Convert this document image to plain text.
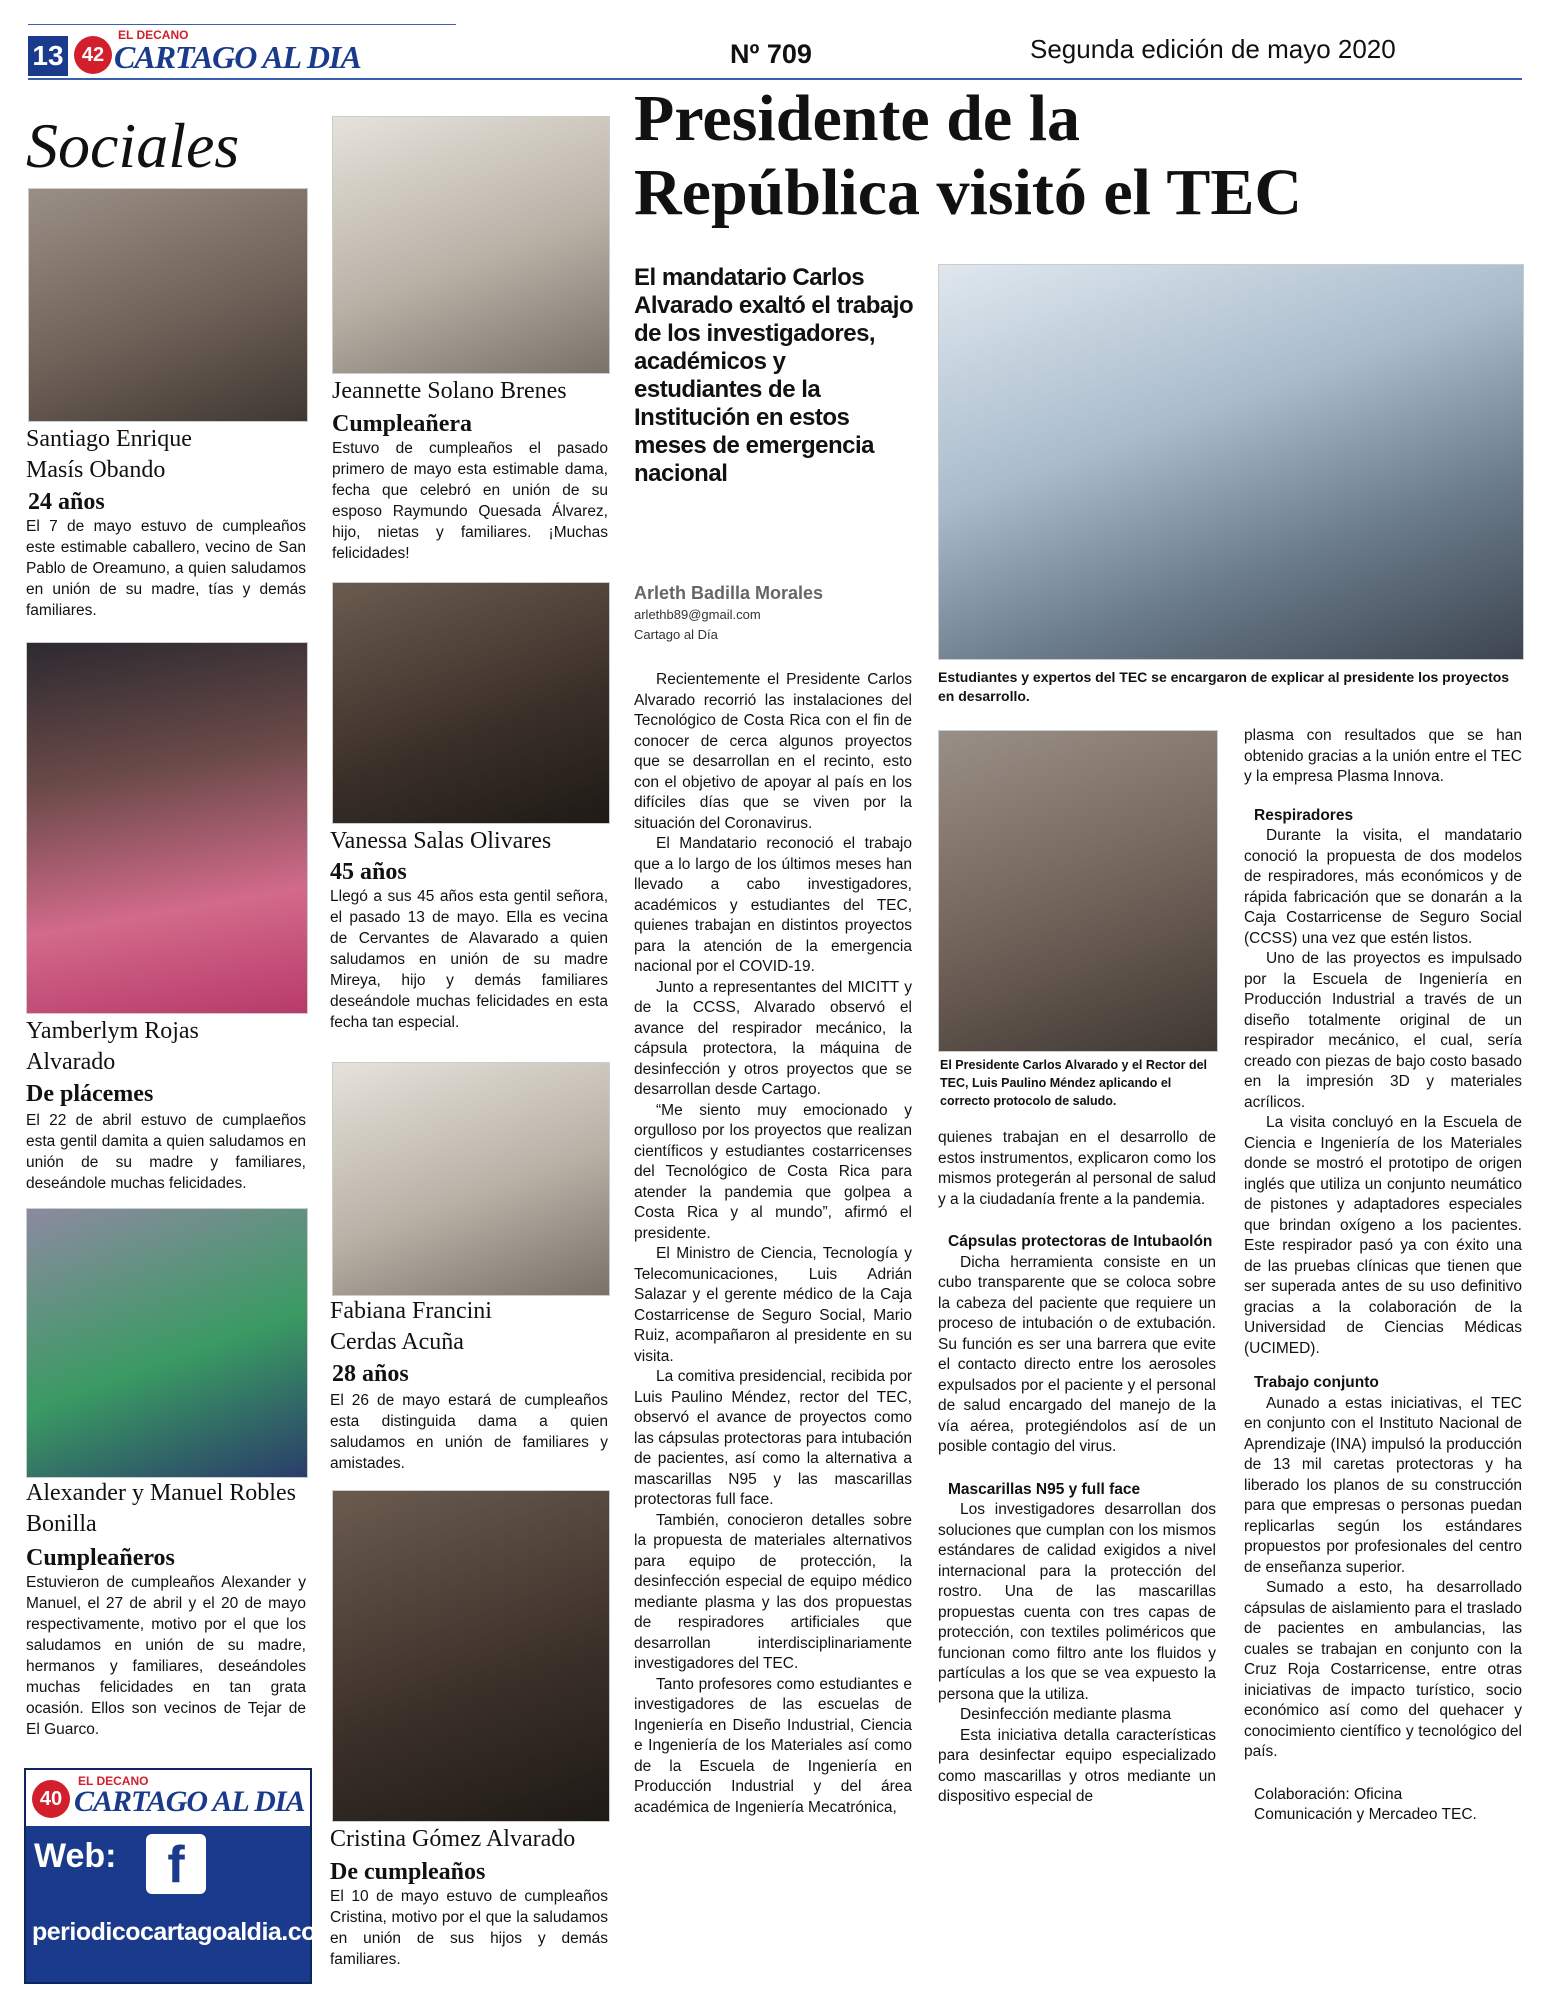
13 42
EL DECANO
CARTAGO AL DIA	Nº 709	Segunda edición de mayo 2020
Sociales
Santiago Enrique Masís Obando
24 años
El 7 de mayo estuvo de cumpleaños este estimable caballero, vecino de San Pablo de Oreamuno, a quien saludamos en unión de su madre, tías y demás familiares.
Yamberlym Rojas Alvarado
De plácemes
El 22 de abril estuvo de cumplaeños esta gentil damita a quien saludamos en unión de su madre y familiares, deseándole muchas felicidades.
Alexander y Manuel Robles Bonilla
Cumpleañeros
Estuvieron de cumpleaños Alexander y Manuel, el 27 de abril y el 20 de mayo respectivamente, motivo por el que los saludamos en unión de su madre, hermanos y familiares, deseándoles muchas felicidades en tan grata ocasión. Ellos son vecinos de Tejar de El Guarco.
40
EL DECANO
CARTAGO AL DIA
Web: f
periodicocartagoaldia.com
Jeannette Solano Brenes
Cumpleañera
Estuvo de cumpleaños el pasado primero de mayo esta estimable dama, fecha que celebró en unión de su esposo Raymundo Quesada Álvarez, hijo, nietas y familiares. ¡Muchas felicidades!
Vanessa Salas Olivares
45 años
Llegó a sus 45 años esta gentil señora, el pasado 13 de mayo. Ella es vecina de Cervantes de Alavarado a quien saludamos en unión de su madre Mireya, hijo y demás familiares deseándole muchas felicidades en esta fecha tan especial.
Fabiana Francini Cerdas Acuña
28 años
El 26 de mayo estará de cumpleaños esta distinguida dama a quien saludamos en unión de familiares y amistades.
Cristina Gómez Alvarado
De cumpleaños
El 10 de mayo estuvo de cumpleaños Cristina, motivo por el que la saludamos en unión de sus hijos y demás familiares.
Presidente de la
República visitó el TEC
El mandatario Carlos Alvarado exaltó el trabajo de los investigadores, académicos y estudiantes de la Institución en estos meses de emergencia nacional
Arleth Badilla Morales
arlethb89@gmail.com
Cartago al Día
Estudiantes y expertos del TEC se encargaron de explicar al presidente los proyectos en desarrollo.

Recientemente el Presidente Carlos Alvarado recorrió las instalaciones del Tecnológico de Costa Rica con el fin de conocer de cerca algunos proyectos que se desarrollan en el recinto, esto con el objetivo de apoyar al país en los difíciles días que se viven por la situación del Coronavirus.

El Mandatario reconoció el trabajo que a lo largo de los últimos meses han llevado a cabo investigadores, académicos y estudiantes del TEC, quienes trabajan en distintos proyectos para la atención de la emergencia nacional por el COVID-19.

Junto a representantes del MICITT y de la CCSS, Alvarado observó el avance del respirador mecánico, la cápsula protectora, la máquina de desinfección y otros proyectos que se desarrollan desde Cartago.

“Me siento muy emocionado y orgulloso por los proyectos que realizan científicos y estudiantes costarricenses del Tecnológico de Costa Rica para atender la pandemia que golpea a Costa Rica y al mundo”, afirmó el presidente.

El Ministro de Ciencia, Tecnología y Telecomunicaciones, Luis Adrián Salazar y el gerente médico de la Caja Costarricense de Seguro Social, Mario Ruiz, acompañaron al presidente en su visita.

La comitiva presidencial, recibida por Luis Paulino Méndez, rector del TEC, observó el avance de proyectos como las cápsulas protectoras para intubación de pacientes, así como la alternativa a mascarillas N95 y las mascarillas protectoras full face.

También, conocieron detalles sobre la propuesta de materiales alternativos para equipo de protección, la desinfección especial de equipo médico mediante plasma y las dos propuestas de respiradores artificiales que desarrollan interdisciplinariamente investigadores del TEC.

Tanto profesores como estudiantes e investigadores de las escuelas de Ingeniería en Diseño Industrial, Ciencia e Ingeniería de los Materiales así como de la Escuela de Ingeniería en Producción Industrial y del área académica de Ingeniería Mecatrónica,

El Presidente Carlos Alvarado y el Rector del TEC, Luis Paulino Méndez aplicando el correcto protocolo de saludo.

quienes trabajan en el desarrollo de estos instrumentos, explicaron como los mismos protegerán al personal de salud y a la ciudadanía frente a la pandemia.

Cápsulas protectoras de Intubaolón

Dicha herramienta consiste en un cubo transparente que se coloca sobre la cabeza del paciente que requiere un proceso de intubación o de extubación. Su función es ser una barrera que evite el contacto directo entre los aerosoles expulsados por el paciente y el personal de salud encargado del manejo de la vía aérea, protegiéndolos así de un posible contagio del virus.

Mascarillas N95 y full face

Los investigadores desarrollan dos soluciones que cumplan con los mismos estándares de calidad exigidos a nivel internacional para la protección del rostro. Una de las mascarillas propuestas cuenta con tres capas de protección, con textiles poliméricos que funcionan como filtro ante los fluidos y partículas a los que se vea expuesto la persona que la utiliza.

Desinfección mediante plasma

Esta iniciativa detalla características para desinfectar equipo especializado como mascarillas y otros mediante un dispositivo especial de

plasma con resultados que se han obtenido gracias a la unión entre el TEC y la empresa Plasma Innova.

Respiradores

Durante la visita, el mandatario conoció la propuesta de dos modelos de respiradores, más económicos y de rápida fabricación que se donarán a la Caja Costarricense de Seguro Social (CCSS) una vez que estén listos.

Uno de las proyectos es impulsado por la Escuela de Ingeniería en Producción Industrial a través de un diseño totalmente original de un respirador mecánico, el cual, sería creado con piezas de bajo costo basado en la impresión 3D y materiales acrílicos.

La visita concluyó en la Escuela de Ciencia e Ingeniería de los Materiales donde se mostró el prototipo de origen inglés que utiliza un conjunto neumático de pistones y adaptadores especiales que brindan oxígeno a los pacientes. Este respirador pasó ya con éxito una de las pruebas clínicas que tienen que ser superada antes de su uso definitivo gracias a la colaboración de la Universidad de Ciencias Médicas (UCIMED).

Trabajo conjunto

Aunado a estas iniciativas, el TEC en conjunto con el Instituto Nacional de Aprendizaje (INA) impulsó la producción de 13 mil caretas protectoras y ha liberado los planos de su construcción para que empresas o personas puedan replicarlas según los estándares propuestos por profesionales del centro de enseñanza superior.

Sumado a esto, ha desarrollado cápsulas de aislamiento para el traslado de pacientes en ambulancias, las cuales se trabajan en conjunto con la Cruz Roja Costarricense, entre otras iniciativas de impacto turístico, socio económico así como del quehacer y conocimiento científico y tecnológico del país.

Colaboración: Oficina
Comunicación y Mercadeo TEC.
